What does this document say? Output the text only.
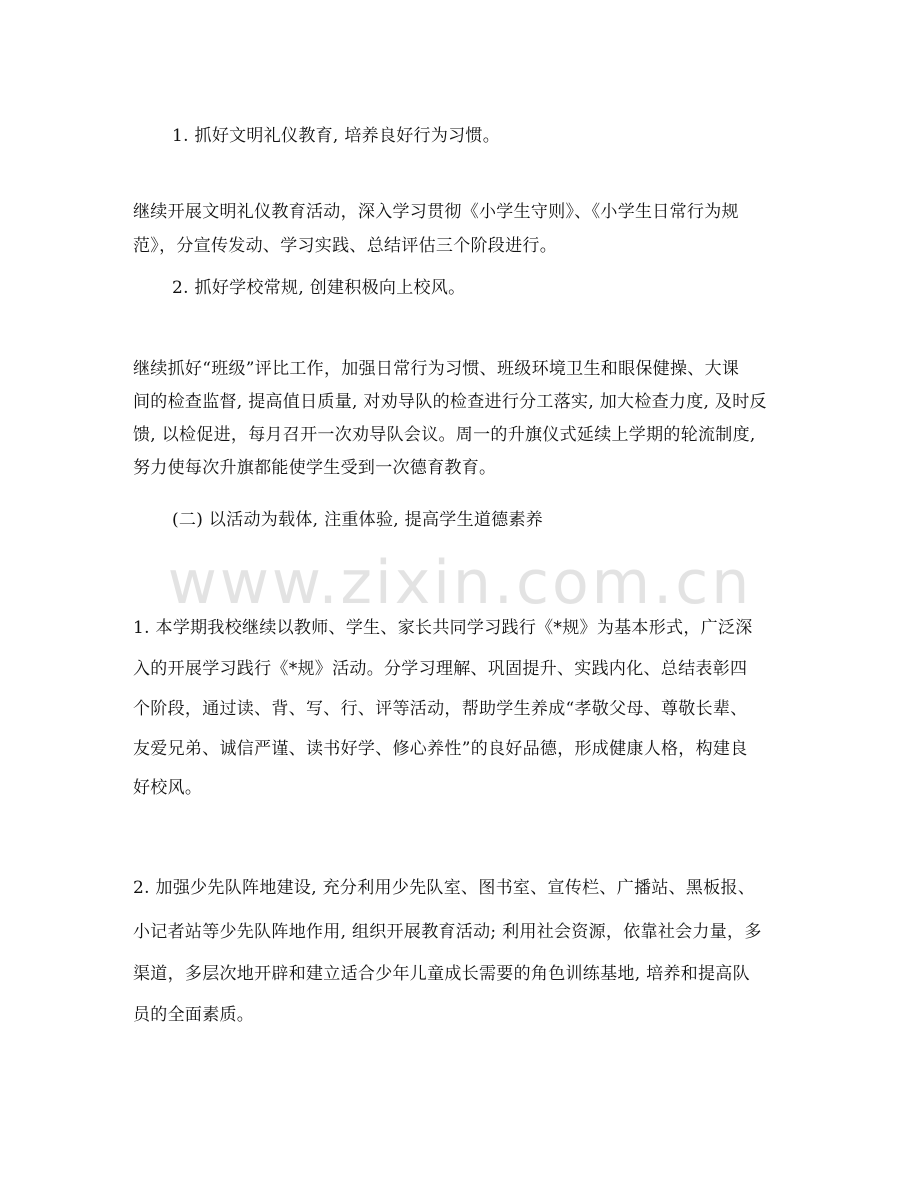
www.zixin.com.cn
1. 抓好文明礼仪教育, 培养良好行为习惯。
继续开展文明礼仪教育活动，深入学习贯彻《小学生守则》、《小学生日常行为规
范》，分宣传发动、学习实践、总结评估三个阶段进行。
2. 抓好学校常规, 创建积极向上校风。
继续抓好“班级”评比工作，加强日常行为习惯、班级环境卫生和眼保健操、大课
间的检查监督, 提高值日质量, 对劝导队的检查进行分工落实, 加大检查力度, 及时反
馈, 以检促进，每月召开一次劝导队会议。周一的升旗仪式延续上学期的轮流制度,
努力使每次升旗都能使学生受到一次德育教育。
(二) 以活动为载体, 注重体验, 提高学生道德素养
1. 本学期我校继续以教师、学生、家长共同学习践行《*规》为基本形式，广泛深
入的开展学习践行《*规》活动。分学习理解、巩固提升、实践内化、总结表彰四
个阶段，通过读、背、写、行、评等活动，帮助学生养成“孝敬父母、尊敬长辈、
友爱兄弟、诚信严谨、读书好学、修心养性”的良好品德，形成健康人格，构建良
好校风。
2. 加强少先队阵地建设, 充分利用少先队室、图书室、宣传栏、广播站、黑板报、
小记者站等少先队阵地作用, 组织开展教育活动; 利用社会资源，依靠社会力量，多
渠道，多层次地开辟和建立适合少年儿童成长需要的角色训练基地, 培养和提高队
员的全面素质。
